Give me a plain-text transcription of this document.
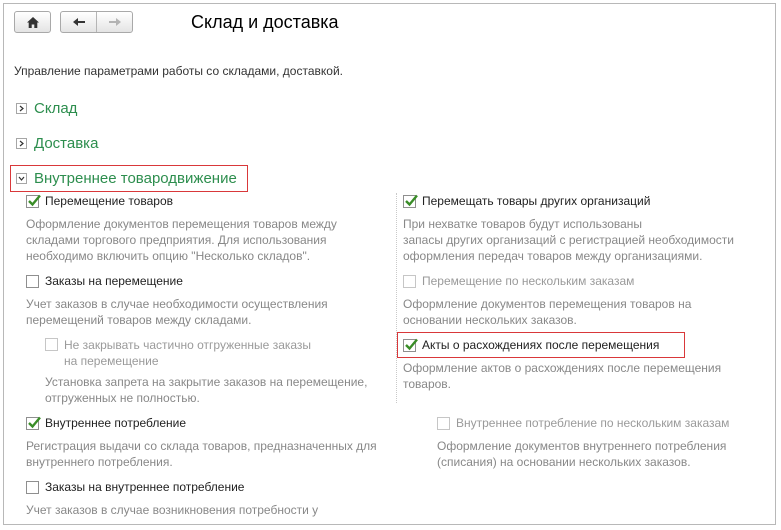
Склад и доставка
Управление параметрами работы со складами, доставкой.
Склад
Доставка
Внутреннее товародвижение
Перемещение товаров
Оформление документов перемещения товаров между
складами торгового предприятия. Для использования
необходимо включить опцию "Несколько складов".
Заказы на перемещение
Учет заказов в случае необходимости осуществления
перемещений товаров между складами.
Не закрывать частично отгруженные заказы
на перемещение
Установка запрета на закрытие заказов на перемещение,
отгруженных не полностью.
Внутреннее потребление
Регистрация выдачи со склада товаров, предназначенных для
внутреннего потребления.
Заказы на внутреннее потребление
Учет заказов в случае возникновения потребности у
Перемещать товары других организаций
При нехватке товаров будут использованы
запасы других организаций с регистрацией необходимости
оформления передач товаров между организациями.
Перемещение по нескольким заказам
Оформление документов перемещения товаров на
основании нескольких заказов.
Акты о расхождениях после перемещения
Оформление актов о расхождениях после перемещения
товаров.
Внутреннее потребление по нескольким заказам
Оформление документов внутреннего потребления
(списания) на основании нескольких заказов.
